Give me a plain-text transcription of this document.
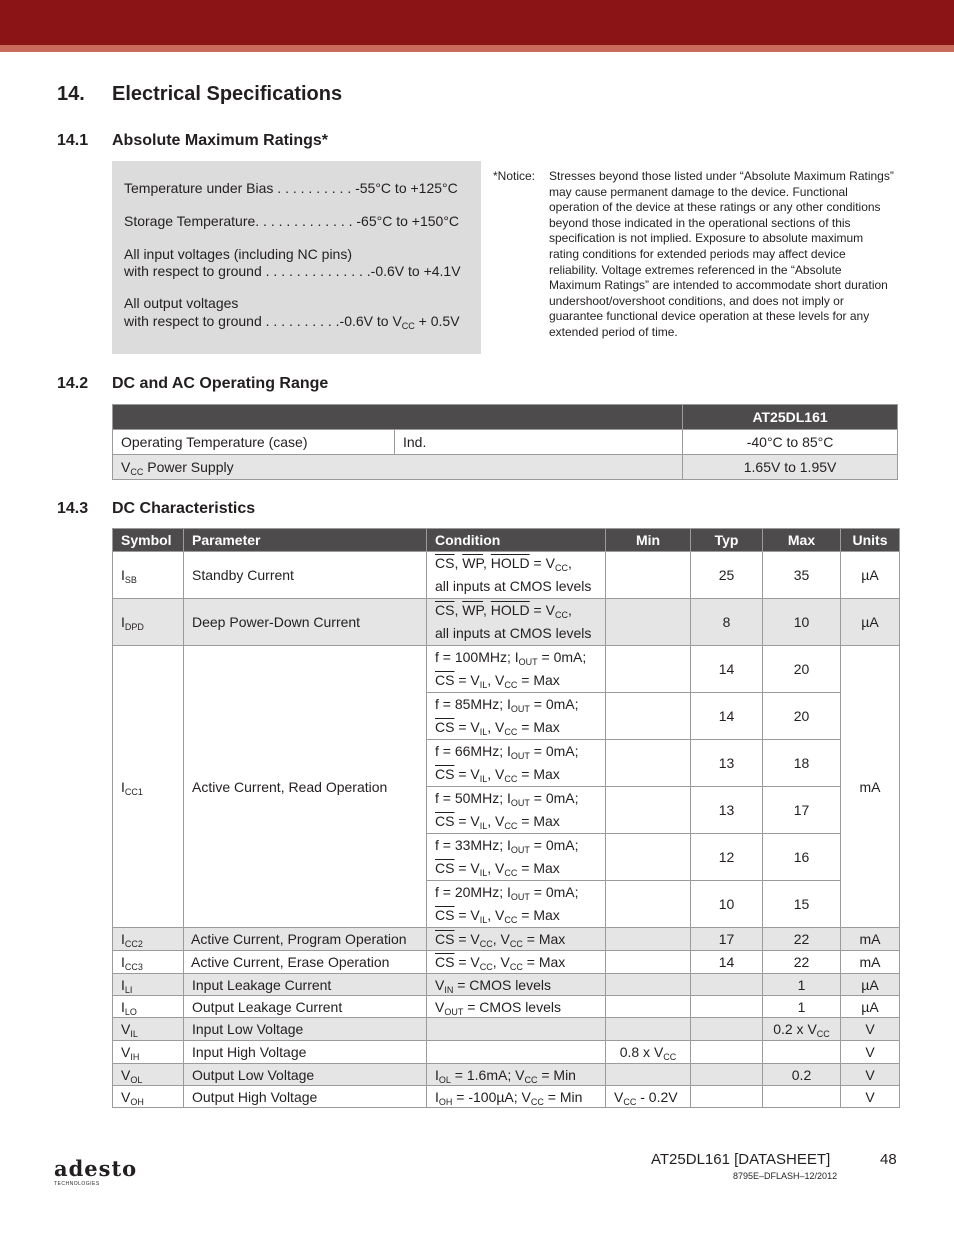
14. Electrical Specifications
14.1 Absolute Maximum Ratings*
Temperature under Bias . . . . . . . . . . -55°C to +125°C
Storage Temperature. . . . . . . . . . . . . -65°C to +150°C
All input voltages (including NC pins)
with respect to ground . . . . . . . . . . . . . .-0.6V to +4.1V
All output voltages
with respect to ground . . . . . . . . . .-0.6V to $V_{CC} + 0.5V$
*Notice: Stresses beyond those listed under “Absolute Maximum Ratings” may cause permanent damage to the device. Functional operation of the device at these ratings or any other conditions beyond those indicated in the operational sections of this specification is not implied. Exposure to absolute maximum rating conditions for extended periods may affect device reliability. Voltage extremes referenced in the “Absolute Maximum Ratings” are intended to accommodate short duration undershoot/overshoot conditions, and does not imply or guarantee functional device operation at these levels for any extended period of time.
14.2 DC and AC Operating Range
		AT25DL161
Operating Temperature (case)	Ind.	-40°C to 85°C
$V_{CC}$ Power Supply		1.65V to 1.95V
14.3 DC Characteristics
Symbol	Parameter	Condition	Min	Typ	Max	Units
$I_{SB}$	Standby Current	$\overline{CS}$, $\overline{WP}$, HOLD = $V_{CC}$,
all inputs at CMOS levels		25	35	µA
$I_{DPD}$	Deep Power-Down Current	$\overline{CS}$, $\overline{WP}$, HOLD = $V_{CC}$,
all inputs at CMOS levels		8	10	µA
$I_{CC1}$	Active Current, Read Operation	f = 100MHz; $I_{OUT} = 0mA$;
$\overline{CS} = V_{IL}$, $V_{CC}$ = Max		14	20	mA
		f = 85MHz; $I_{OUT} = 0mA$;
$\overline{CS} = V_{IL}$, $V_{CC}$ = Max		14	20	
		f = 66MHz; $I_{OUT} = 0mA$;
$\overline{CS} = V_{IL}$, $V_{CC}$ = Max		13	18	
		f = 50MHz; $I_{OUT} = 0mA$;
$\overline{CS} = V_{IL}$, $V_{CC}$ = Max		13	17	
		f = 33MHz; $I_{OUT} = 0mA$;
$\overline{CS} = V_{IL}$, $V_{CC}$ = Max		12	16	
		f = 20MHz; $I_{OUT} = 0mA$;
$\overline{CS} = V_{IL}$, $V_{CC}$ = Max		10	15	
$I_{CC2}$	Active Current, Program Operation	$\overline{CS} = V_{CC}$, $V_{CC}$ = Max		17	22	mA
$I_{CC3}$	Active Current, Erase Operation	$\overline{CS} = V_{CC}$, $V_{CC}$ = Max		14	22	mA
$I_{LI}$	Input Leakage Current	$V_{IN}$ = CMOS levels			1	µA
$I_{LO}$	Output Leakage Current	$V_{OUT}$ = CMOS levels			1	µA
$V_{IL}$	Input Low Voltage				0.2 x $V_{CC}$	V
$V_{IH}$	Input High Voltage		0.8 x $V_{CC}$			V
$V_{OL}$	Output Low Voltage	$I_{OL} = 1.6mA$; $V_{CC}$ = Min			0.2	V
$V_{OH}$	Output High Voltage	$I_{OH} = -100\mu A$; $V_{CC}$ = Min	$V_{CC} - 0.2V$			V
adesto
TECHNOLOGIES
AT25DL161 [DATASHEET]	48
8795E–DFLASH–12/2012
